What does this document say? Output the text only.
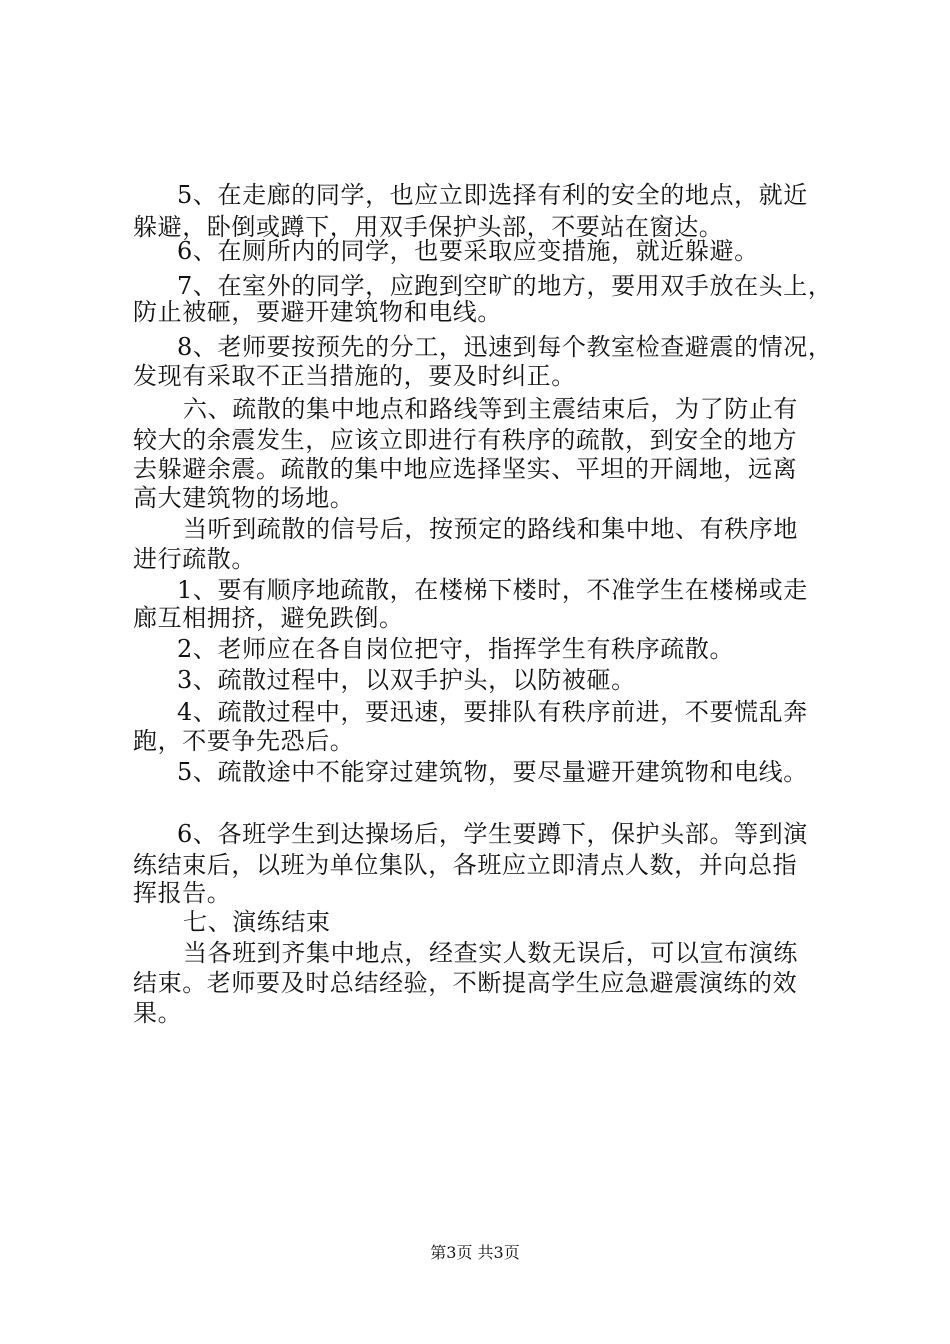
5、在走廊的同学，也应立即选择有利的安全的地点，就近
躲避，卧倒或蹲下，用双手保护头部，不要站在窗达。
6、在厕所内的同学，也要采取应变措施，就近躲避。
7、在室外的同学，应跑到空旷的地方，要用双手放在头上，
防止被砸，要避开建筑物和电线。
8、老师要按预先的分工，迅速到每个教室检查避震的情况，
发现有采取不正当措施的，要及时纠正。
六、疏散的集中地点和路线等到主震结束后，为了防止有
较大的余震发生，应该立即进行有秩序的疏散，到安全的地方
去躲避余震。疏散的集中地应选择坚实、平坦的开阔地，远离
高大建筑物的场地。
当听到疏散的信号后，按预定的路线和集中地、有秩序地
进行疏散。
1、要有顺序地疏散，在楼梯下楼时，不准学生在楼梯或走
廊互相拥挤，避免跌倒。
2、老师应在各自岗位把守，指挥学生有秩序疏散。
3、疏散过程中，以双手护头，以防被砸。
4、疏散过程中，要迅速，要排队有秩序前进，不要慌乱奔
跑，不要争先恐后。
5、疏散途中不能穿过建筑物，要尽量避开建筑物和电线。
6、各班学生到达操场后，学生要蹲下，保护头部。等到演
练结束后，以班为单位集队，各班应立即清点人数，并向总指
挥报告。
七、演练结束
当各班到齐集中地点，经查实人数无误后，可以宣布演练
结束。老师要及时总结经验，不断提高学生应急避震演练的效
果。
第3页 共3页
